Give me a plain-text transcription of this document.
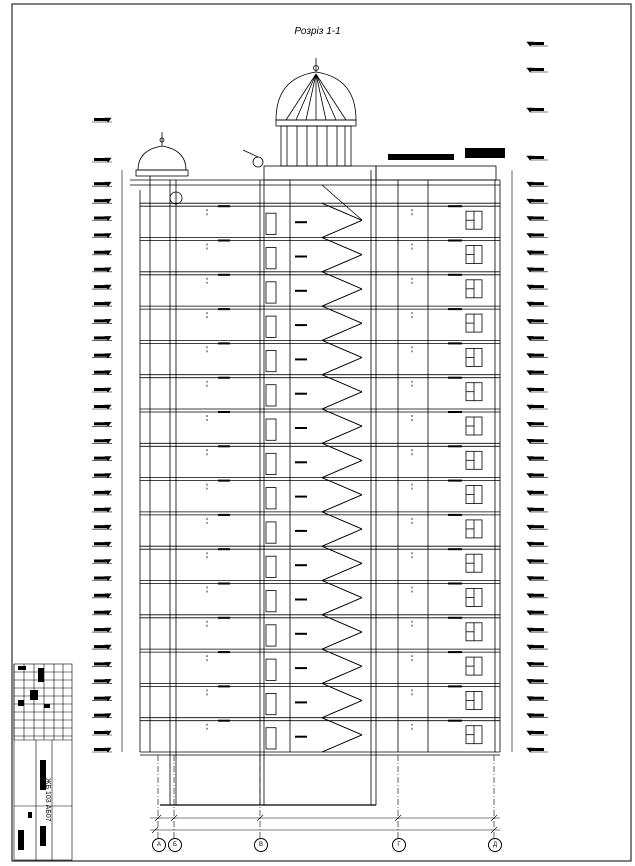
Розріз 1-1
ЖБ 103 АБ07
А	Б	В	Г	Д
